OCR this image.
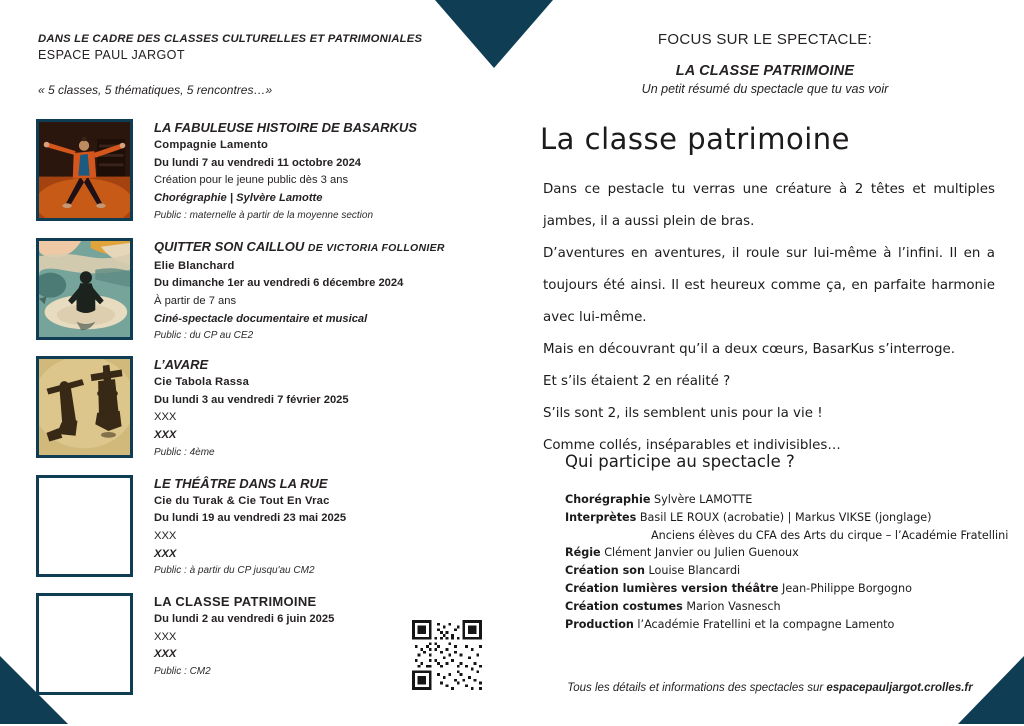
DANS LE CADRE DES CLASSES CULTURELLES ET PATRIMONIALES
ESPACE PAUL JARGOT
« 5 classes, 5 thématiques, 5 rencontres…»
LA FABULEUSE HISTOIRE DE BASARKUS
Compagnie Lamento
Du lundi 7 au vendredi 11 octobre 2024
Création pour le jeune public dès 3 ans
Chorégraphie | Sylvère Lamotte
Public : maternelle à partir de la moyenne section
QUITTER SON CAILLOU DE VICTORIA FOLLONIER
Elie Blanchard
Du dimanche 1er au vendredi 6 décembre 2024
À partir de 7 ans
Ciné-spectacle documentaire et musical
Public : du CP au CE2
L’AVARE
Cie Tabola Rassa
Du lundi 3 au vendredi 7 février 2025
XXX
XXX
Public : 4ème
LE THÉÂTRE DANS LA RUE
Cie du Turak & Cie Tout En Vrac
Du lundi 19 au vendredi 23 mai 2025
XXX
XXX
Public : à partir du CP jusqu'au CM2
LA CLASSE PATRIMOINE
Du lundi 2 au vendredi 6 juin 2025
XXX
XXX
Public : CM2
FOCUS SUR LE SPECTACLE:
LA CLASSE PATRIMOINE
Un petit résumé du spectacle que tu vas voir
La classe patrimoine

Dans ce pestacle tu verras une créature à 2 têtes et multiples jambes, il a aussi plein de bras.

D’aventures en aventures, il roule sur lui-même à l’infini. Il en a toujours été ainsi. Il est heureux comme ça, en parfaite harmonie avec lui-même.

Mais en découvrant qu’il a deux cœurs, BasarKus s’interroge.

Et s’ils étaient 2 en réalité ?

S’ils sont 2, ils semblent unis pour la vie !

Comme collés, inséparables et indivisibles…

Qui participe au spectacle ?
Chorégraphie Sylvère LAMOTTE
Interprètes Basil LE ROUX (acrobatie) | Markus VIKSE (jonglage)
Anciens élèves du CFA des Arts du cirque – l’Académie Fratellini
Régie Clément Janvier ou Julien Guenoux
Création son Louise Blancardi
Création lumières version théâtre Jean-Philippe Borgogno
Création costumes Marion Vasnesch
Production l’Académie Fratellini et la compagne Lamento
Tous les détails et informations des spectacles sur espacepauljargot.crolles.fr
